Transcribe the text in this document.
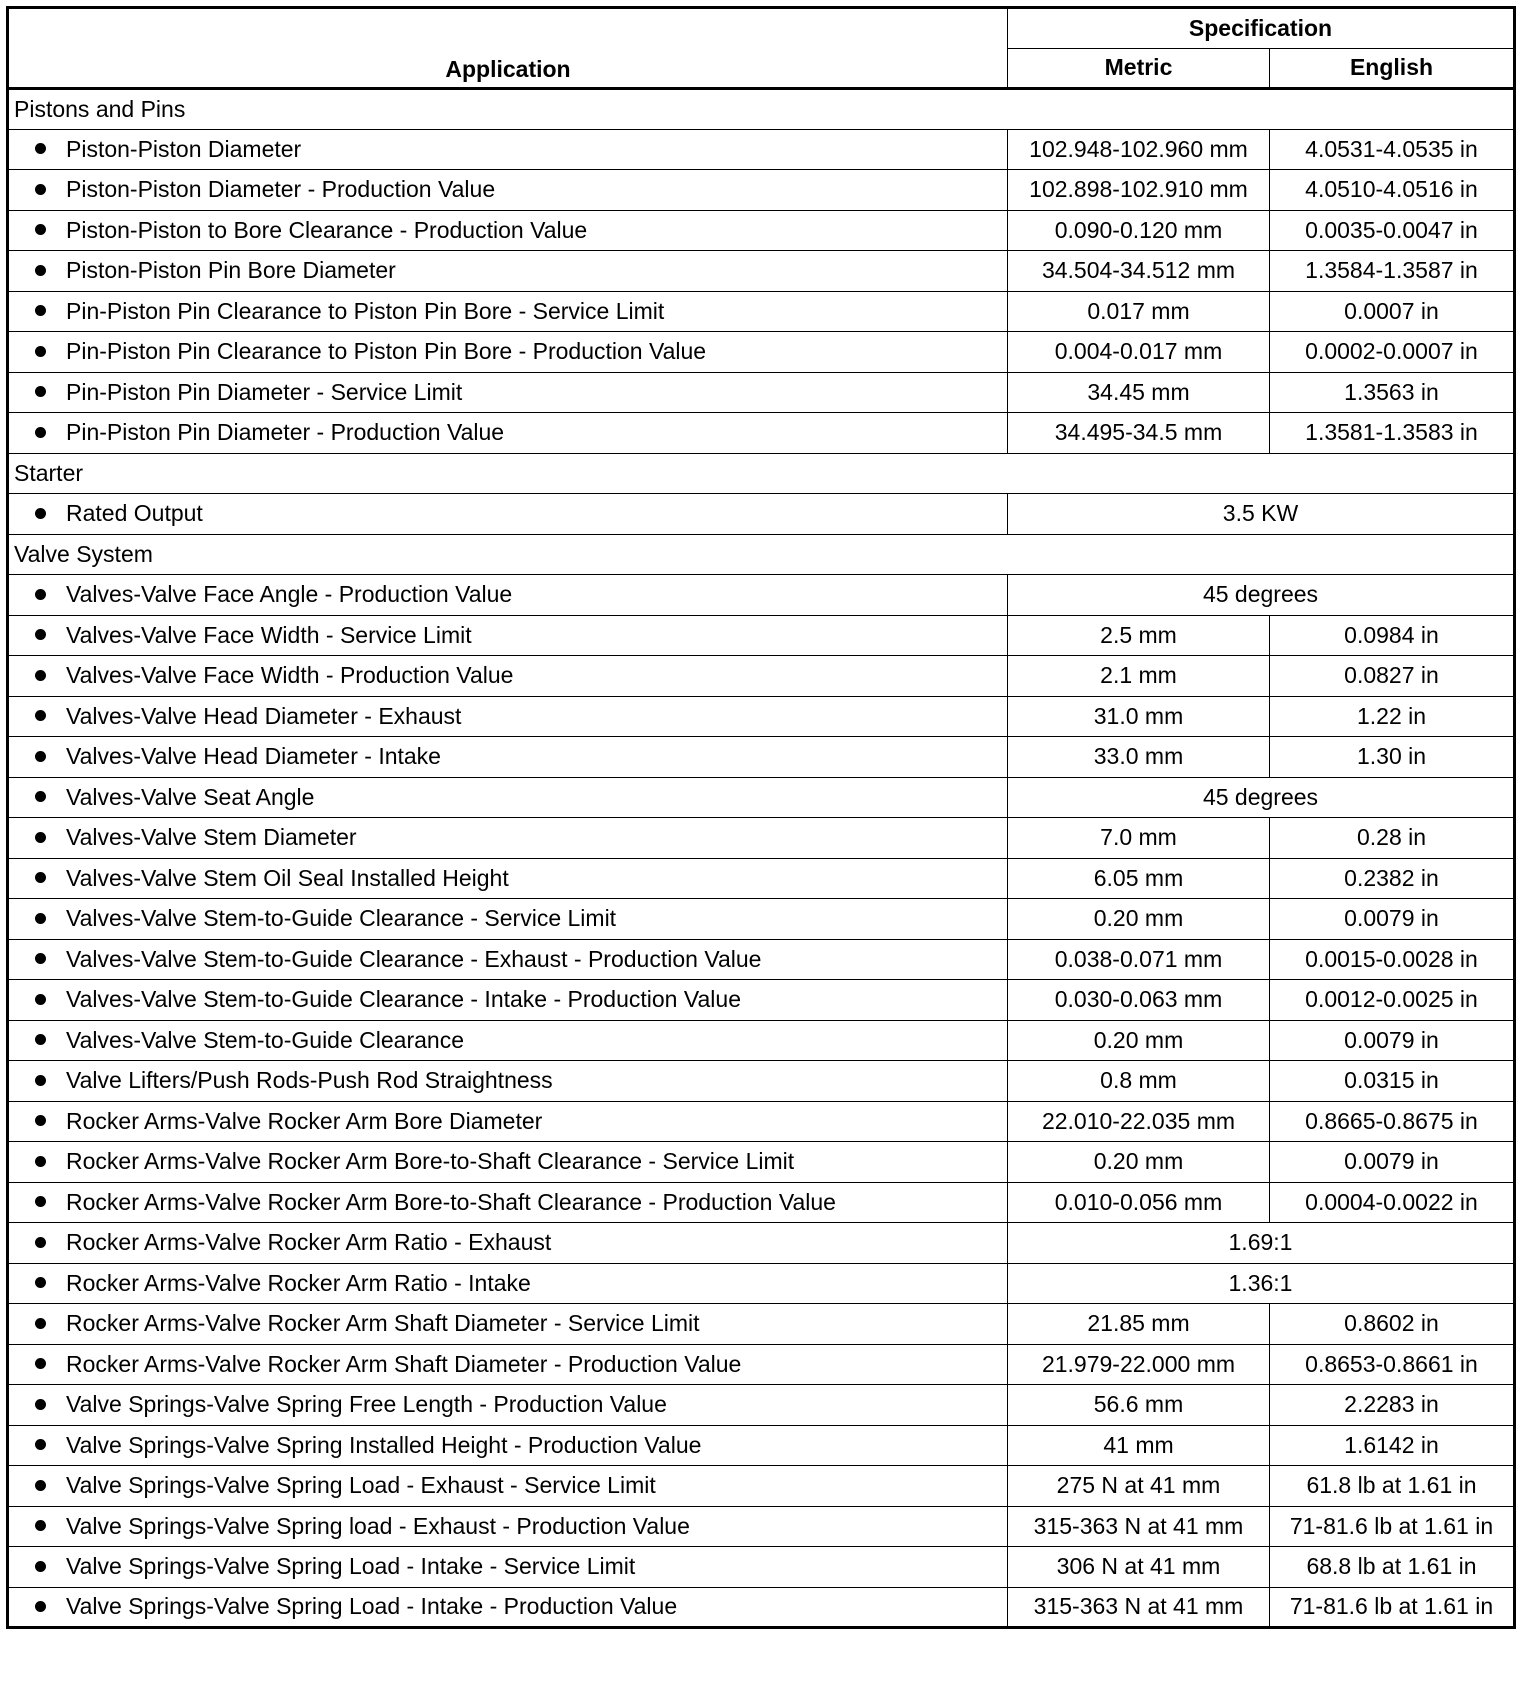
Application	Specification	
	Metric	English
Pistons and Pins		
Piston-Piston Diameter	102.948-102.960 mm	4.0531-4.0535 in
Piston-Piston Diameter - Production Value	102.898-102.910 mm	4.0510-4.0516 in
Piston-Piston to Bore Clearance - Production Value	0.090-0.120 mm	0.0035-0.0047 in
Piston-Piston Pin Bore Diameter	34.504-34.512 mm	1.3584-1.3587 in
Pin-Piston Pin Clearance to Piston Pin Bore - Service Limit	0.017 mm	0.0007 in
Pin-Piston Pin Clearance to Piston Pin Bore - Production Value	0.004-0.017 mm	0.0002-0.0007 in
Pin-Piston Pin Diameter - Service Limit	34.45 mm	1.3563 in
Pin-Piston Pin Diameter - Production Value	34.495-34.5 mm	1.3581-1.3583 in
Starter		
Rated Output	3.5 KW	
Valve System		
Valves-Valve Face Angle - Production Value	45 degrees	
Valves-Valve Face Width - Service Limit	2.5 mm	0.0984 in
Valves-Valve Face Width - Production Value	2.1 mm	0.0827 in
Valves-Valve Head Diameter - Exhaust	31.0 mm	1.22 in
Valves-Valve Head Diameter - Intake	33.0 mm	1.30 in
Valves-Valve Seat Angle	45 degrees	
Valves-Valve Stem Diameter	7.0 mm	0.28 in
Valves-Valve Stem Oil Seal Installed Height	6.05 mm	0.2382 in
Valves-Valve Stem-to-Guide Clearance - Service Limit	0.20 mm	0.0079 in
Valves-Valve Stem-to-Guide Clearance - Exhaust - Production Value	0.038-0.071 mm	0.0015-0.0028 in
Valves-Valve Stem-to-Guide Clearance - Intake - Production Value	0.030-0.063 mm	0.0012-0.0025 in
Valves-Valve Stem-to-Guide Clearance	0.20 mm	0.0079 in
Valve Lifters/Push Rods-Push Rod Straightness	0.8 mm	0.0315 in
Rocker Arms-Valve Rocker Arm Bore Diameter	22.010-22.035 mm	0.8665-0.8675 in
Rocker Arms-Valve Rocker Arm Bore-to-Shaft Clearance - Service Limit	0.20 mm	0.0079 in
Rocker Arms-Valve Rocker Arm Bore-to-Shaft Clearance - Production Value	0.010-0.056 mm	0.0004-0.0022 in
Rocker Arms-Valve Rocker Arm Ratio - Exhaust	1.69:1	
Rocker Arms-Valve Rocker Arm Ratio - Intake	1.36:1	
Rocker Arms-Valve Rocker Arm Shaft Diameter - Service Limit	21.85 mm	0.8602 in
Rocker Arms-Valve Rocker Arm Shaft Diameter - Production Value	21.979-22.000 mm	0.8653-0.8661 in
Valve Springs-Valve Spring Free Length - Production Value	56.6 mm	2.2283 in
Valve Springs-Valve Spring Installed Height - Production Value	41 mm	1.6142 in
Valve Springs-Valve Spring Load - Exhaust - Service Limit	275 N at 41 mm	61.8 lb at 1.61 in
Valve Springs-Valve Spring load - Exhaust - Production Value	315-363 N at 41 mm	71-81.6 lb at 1.61 in
Valve Springs-Valve Spring Load - Intake - Service Limit	306 N at 41 mm	68.8 lb at 1.61 in
Valve Springs-Valve Spring Load - Intake - Production Value	315-363 N at 41 mm	71-81.6 lb at 1.61 in
